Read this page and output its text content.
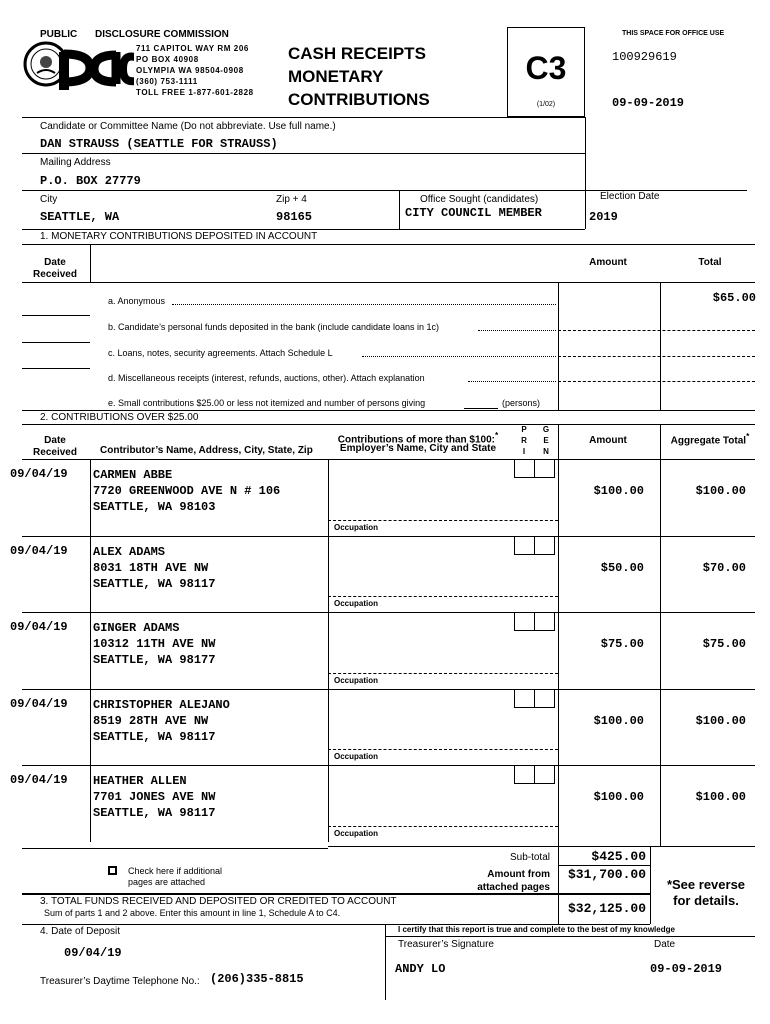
PUBLIC DISCLOSURE COMMISSION
711 CAPITOL WAY RM 206
PO BOX 40908
OLYMPIA WA 98504-0908
(360) 753-1111
TOLL FREE 1-877-601-2828
CASH RECEIPTS
MONETARY
CONTRIBUTIONS
C3
(1/02)
THIS SPACE FOR OFFICE USE
100929619
09-09-2019
Candidate or Committee Name (Do not abbreviate. Use full name.)
DAN STRAUSS (SEATTLE FOR STRAUSS)
Mailing Address
P.O. BOX 27779
City
SEATTLE, WA
Zip + 4
98165
Office Sought (candidates)
CITY COUNCIL MEMBER
Election Date
2019
1. MONETARY CONTRIBUTIONS DEPOSITED IN ACCOUNT
Date Received
Amount	Total
a. Anonymous	$65.00
b. Candidate’s personal funds deposited in the bank (include candidate loans in 1c)
c. Loans, notes, security agreements. Attach Schedule L
d. Miscellaneous receipts (interest, refunds, auctions, other). Attach explanation
e. Small contributions $25.00 or less not itemized and number of persons giving	(persons)
2. CONTRIBUTIONS OVER $25.00
Date Received	Contributor’s Name, Address, City, State, Zip
Contributions of more than $100:*
Employer’s Name, City and State
P R I
G E N
Amount	Aggregate Total*
09/04/19 CARMEN ABBE
7720 GREENWOOD AVE N # 106
SEATTLE, WA 98103
$100.00	$100.00
Occupation
09/04/19 ALEX ADAMS
8031 18TH AVE NW
SEATTLE, WA 98117
$50.00	$70.00
Occupation
09/04/19 GINGER ADAMS
10312 11TH AVE NW
SEATTLE, WA 98177
$75.00	$75.00
Occupation
09/04/19 CHRISTOPHER ALEJANO
8519 28TH AVE NW
SEATTLE, WA 98117
$100.00	$100.00
Occupation
09/04/19 HEATHER ALLEN
7701 JONES AVE NW
SEATTLE, WA 98117
$100.00	$100.00
Occupation
Sub-total	$425.00
Check here if additional
pages are attached
Amount from
attached pages
$31,700.00
*See reverse
for details.
3. TOTAL FUNDS RECEIVED AND DEPOSITED OR CREDITED TO ACCOUNT
Sum of parts 1 and 2 above. Enter this amount in line 1, Schedule A to C4.	$32,125.00
4. Date of Deposit	I certify that this report is true and complete to the best of my knowledge
Treasurer’s Signature	Date
09/04/19
ANDY LO	09-09-2019
Treasurer’s Daytime Telephone No.: (206)335-8815
